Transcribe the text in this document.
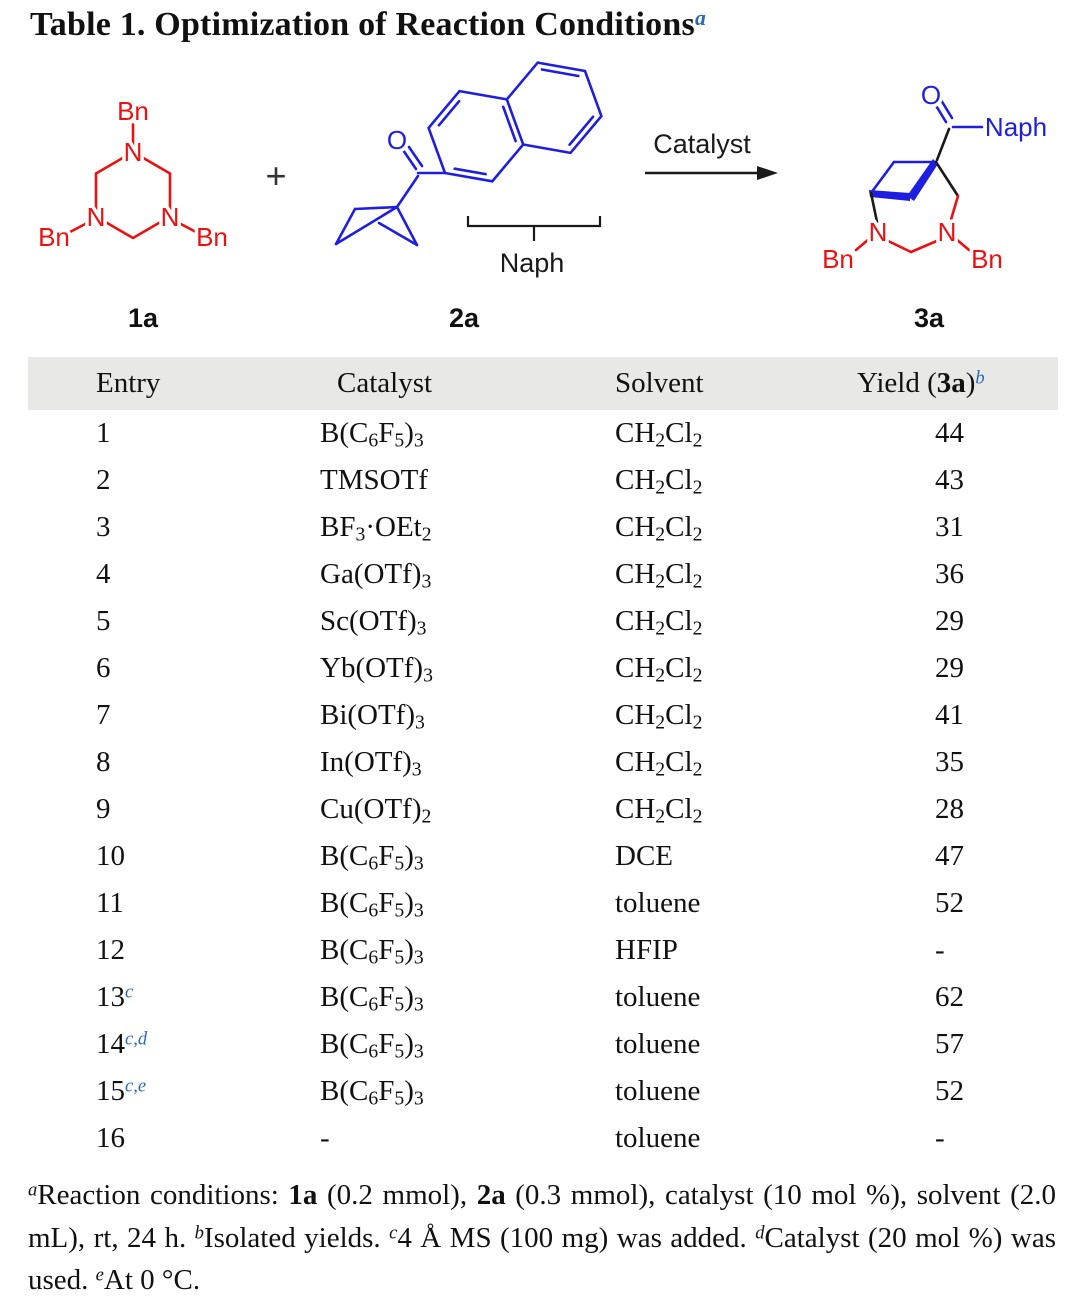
Table 1. Optimization of Reaction Conditions$^a$
N
N N
Bn
Bn	Bn
1a
+
O
Naph
2a
Catalyst
O
Naph
N N
Bn	Bn
3a
Entry	Catalyst	Solvent	Yield $(3a)^b$
1	$B(C_6F_5)_3$	$CH_2Cl_2$	44
2	TMSOTf	$CH_2Cl_2$	43
3	$BF_3\cdot OEt_2$	$CH_2Cl_2$	31
4	$Ga(OTf)_3$	$CH_2Cl_2$	36
5	$Sc(OTf)_3$	$CH_2Cl_2$	29
6	$Yb(OTf)_3$	$CH_2Cl_2$	29
7	$Bi(OTf)_3$	$CH_2Cl_2$	41
8	$In(OTf)_3$	$CH_2Cl_2$	35
9	$Cu(OTf)_2$	$CH_2Cl_2$	28
10	$B(C_6F_5)_3$	DCE	47
11	$B(C_6F_5)_3$	toluene	52
12	$B(C_6F_5)_3$	HFIP	-
13$^c$	$B(C_6F_5)_3$	toluene	62
14$^{c,d}$	$B(C_6F_5)_3$	toluene	57
15$^{c,e}$	$B(C_6F_5)_3$	toluene	52
16	-	toluene	-
$^a$Reaction conditions: 1a (0.2 mmol), 2a (0.3 mmol), catalyst (10 mol %), solvent (2.0 mL), rt, 24 h. $^b$Isolated yields. $^c$4 Å MS (100 mg) was added. $^d$Catalyst (20 mol %) was used. $^e$At 0 °C.
